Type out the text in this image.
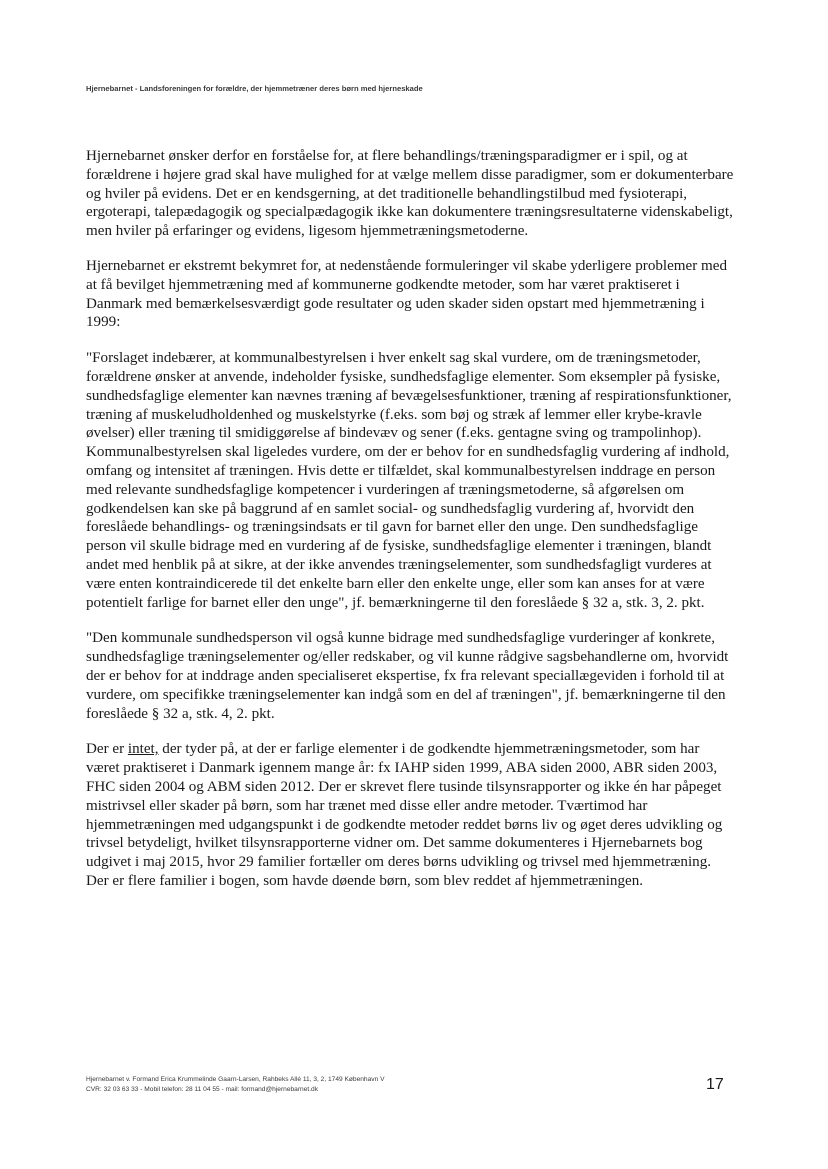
Hjernebarnet - Landsforeningen for forældre, der hjemmetræner deres børn med hjerneskade

Hjernebarnet ønsker derfor en forståelse for, at flere behandlings/træningsparadigmer er i spil, og at forældrene i højere grad skal have mulighed for at vælge mellem disse paradigmer, som er dokumenterbare og hviler på evidens. Det er en kendsgerning, at det traditionelle behandlingstilbud med fysioterapi, ergoterapi, talepædagogik og specialpædagogik ikke kan dokumentere træningsresultaterne videnskabeligt, men hviler på erfaringer og evidens, ligesom hjemmetræningsmetoderne.

Hjernebarnet er ekstremt bekymret for, at nedenstående formuleringer vil skabe yderligere problemer med at få bevilget hjemmetræning med af kommunerne godkendte metoder, som har været praktiseret i Danmark med bemærkelsesværdigt gode resultater og uden skader siden opstart med hjemmetræning i 1999:

"Forslaget indebærer, at kommunalbestyrelsen i hver enkelt sag skal vurdere, om de træningsmetoder, forældrene ønsker at anvende, indeholder fysiske, sundhedsfaglige elementer. Som eksempler på fysiske, sundhedsfaglige elementer kan nævnes træning af bevægelsesfunktioner, træning af respirationsfunktioner, træning af muskeludholdenhed og muskelstyrke (f.eks. som bøj og stræk af lemmer eller krybe-kravle øvelser) eller træning til smidiggørelse af bindevæv og sener (f.eks. gentagne sving og trampolinhop). Kommunalbestyrelsen skal ligeledes vurdere, om der er behov for en sundhedsfaglig vurdering af indhold, omfang og intensitet af træningen. Hvis dette er tilfældet, skal kommunalbestyrelsen inddrage en person med relevante sundhedsfaglige kompetencer i vurderingen af træningsmetoderne, så afgørelsen om godkendelsen kan ske på baggrund af en samlet social- og sundhedsfaglig vurdering af, hvorvidt den foreslåede behandlings- og træningsindsats er til gavn for barnet eller den unge. Den sundhedsfaglige person vil skulle bidrage med en vurdering af de fysiske, sundhedsfaglige elementer i træningen, blandt andet med henblik på at sikre, at der ikke anvendes træningselementer, som sundhedsfagligt vurderes at være enten kontraindicerede til det enkelte barn eller den enkelte unge, eller som kan anses for at være potentielt farlige for barnet eller den unge", jf. bemærkningerne til den foreslåede § 32 a, stk. 3, 2. pkt.

"Den kommunale sundhedsperson vil også kunne bidrage med sundhedsfaglige vurderinger af konkrete, sundhedsfaglige træningselementer og/eller redskaber, og vil kunne rådgive sagsbehandlerne om, hvorvidt der er behov for at inddrage anden specialiseret ekspertise, fx fra relevant speciallægeviden i forhold til at vurdere, om specifikke træningselementer kan indgå som en del af træningen", jf. bemærkningerne til den foreslåede § 32 a, stk. 4, 2. pkt.

Der er intet, der tyder på, at der er farlige elementer i de godkendte hjemmetræningsmetoder, som har været praktiseret i Danmark igennem mange år: fx IAHP siden 1999, ABA siden 2000, ABR siden 2003, FHC siden 2004 og ABM siden 2012. Der er skrevet flere tusinde tilsynsrapporter og ikke én har påpeget mistrivsel eller skader på børn, som har trænet med disse eller andre metoder. Tværtimod har hjemmetræningen med udgangspunkt i de godkendte metoder reddet børns liv og øget deres udvikling og trivsel betydeligt, hvilket tilsynsrapporterne vidner om. Det samme dokumenteres i Hjernebarnets bog udgivet i maj 2015, hvor 29 familier fortæller om deres børns udvikling og trivsel med hjemmetræning. Der er flere familier i bogen, som havde døende børn, som blev reddet af hjemmetræningen.

Hjernebarnet v. Formand Erica Krummelinde Gaarn-Larsen, Rahbeks Allé 11, 3, 2, 1749 København V
CVR: 32 03 63 33 - Mobil telefon: 28 11 04 55 - mail: formand@hjernebarnet.dk	17
